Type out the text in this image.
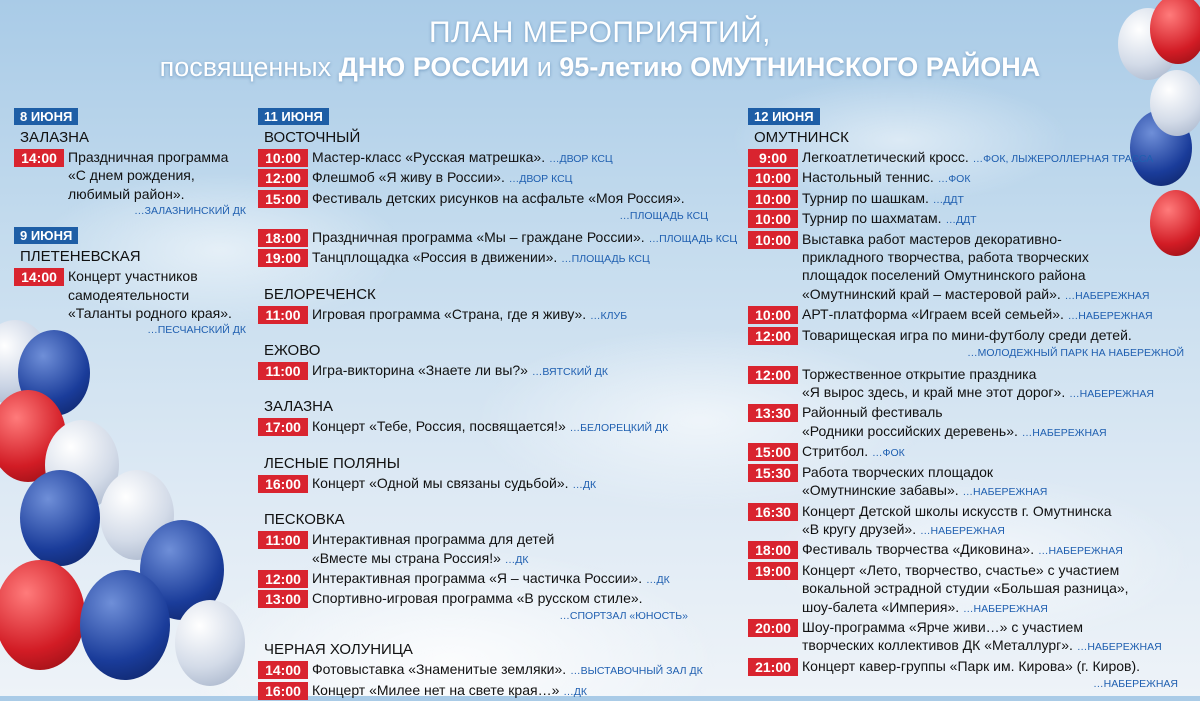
ПЛАН МЕРОПРИЯТИЙ,
посвященных ДНЮ РОССИИ и 95-летию ОМУТНИНСКОГО РАЙОНА
8 ИЮНЯ
ЗАЛАЗНА
14:00 Праздничная программа
«С днем рождения,
любимый район».
…ЗАЛАЗНИНСКИЙ ДК
9 ИЮНЯ
ПЛЕТЕНЕВСКАЯ
14:00 Концерт участников
самодеятельности
«Таланты родного края».
…ПЕСЧАНСКИЙ ДК
11 ИЮНЯ
ВОСТОЧНЫЙ
10:00 Мастер-класс «Русская матрешка». …ДВОР КСЦ
12:00 Флешмоб «Я живу в России». …ДВОР КСЦ
15:00 Фестиваль детских рисунков на асфальте «Моя Россия».
…ПЛОЩАДЬ КСЦ
18:00 Праздничная программа «Мы – граждане России». …ПЛОЩАДЬ КСЦ
19:00 Танцплощадка «Россия в движении». …ПЛОЩАДЬ КСЦ
БЕЛОРЕЧЕНСК
11:00 Игровая программа «Страна, где я живу». …КЛУБ
ЕЖОВО
11:00 Игра-викторина «Знаете ли вы?» …ВЯТСКИЙ ДК
ЗАЛАЗНА
17:00 Концерт «Тебе, Россия, посвящается!» …БЕЛОРЕЦКИЙ ДК
ЛЕСНЫЕ ПОЛЯНЫ
16:00 Концерт «Одной мы связаны судьбой». …ДК
ПЕСКОВКА
11:00 Интерактивная программа для детей
«Вместе мы страна Россия!» …ДК
12:00 Интерактивная программа «Я – частичка России». …ДК
13:00 Спортивно-игровая программа «В русском стиле».
…СПОРТЗАЛ «ЮНОСТЬ»
ЧЕРНАЯ ХОЛУНИЦА
14:00 Фотовыставка «Знаменитые земляки». …ВЫСТАВОЧНЫЙ ЗАЛ ДК
16:00 Концерт «Милее нет на свете края…» …ДК
12 ИЮНЯ
ОМУТНИНСК
9:00	Легкоатлетический кросс. …ФОК, ЛЫЖЕРОЛЛЕРНАЯ ТРАССА
10:00 Настольный теннис. …ФОК
10:00 Турнир по шашкам. …ДДТ
10:00 Турнир по шахматам. …ДДТ
10:00 Выставка работ мастеров декоративно-
прикладного творчества, работа творческих
площадок поселений Омутнинского района
«Омутнинский край – мастеровой рай». …НАБЕРЕЖНАЯ
10:00 АРТ-платформа «Играем всей семьей». …НАБЕРЕЖНАЯ
12:00 Товарищеская игра по мини-футболу среди детей.
…МОЛОДЕЖНЫЙ ПАРК НА НАБЕРЕЖНОЙ
12:00 Торжественное открытие праздника
«Я вырос здесь, и край мне этот дорог». …НАБЕРЕЖНАЯ
13:30 Районный фестиваль
«Родники российских деревень». …НАБЕРЕЖНАЯ
15:00 Стритбол. …ФОК
15:30 Работа творческих площадок
«Омутнинские забавы». …НАБЕРЕЖНАЯ
16:30 Концерт Детской школы искусств г. Омутнинска
«В кругу друзей». …НАБЕРЕЖНАЯ
18:00 Фестиваль творчества «Диковина». …НАБЕРЕЖНАЯ
19:00 Концерт «Лето, творчество, счастье» с участием
вокальной эстрадной студии «Большая разница»,
шоу-балета «Империя». …НАБЕРЕЖНАЯ
20:00 Шоу-программа «Ярче живи…» с участием
творческих коллективов ДК «Металлург». …НАБЕРЕЖНАЯ
21:00 Концерт кавер-группы «Парк им. Кирова» (г. Киров).
…НАБЕРЕЖНАЯ
